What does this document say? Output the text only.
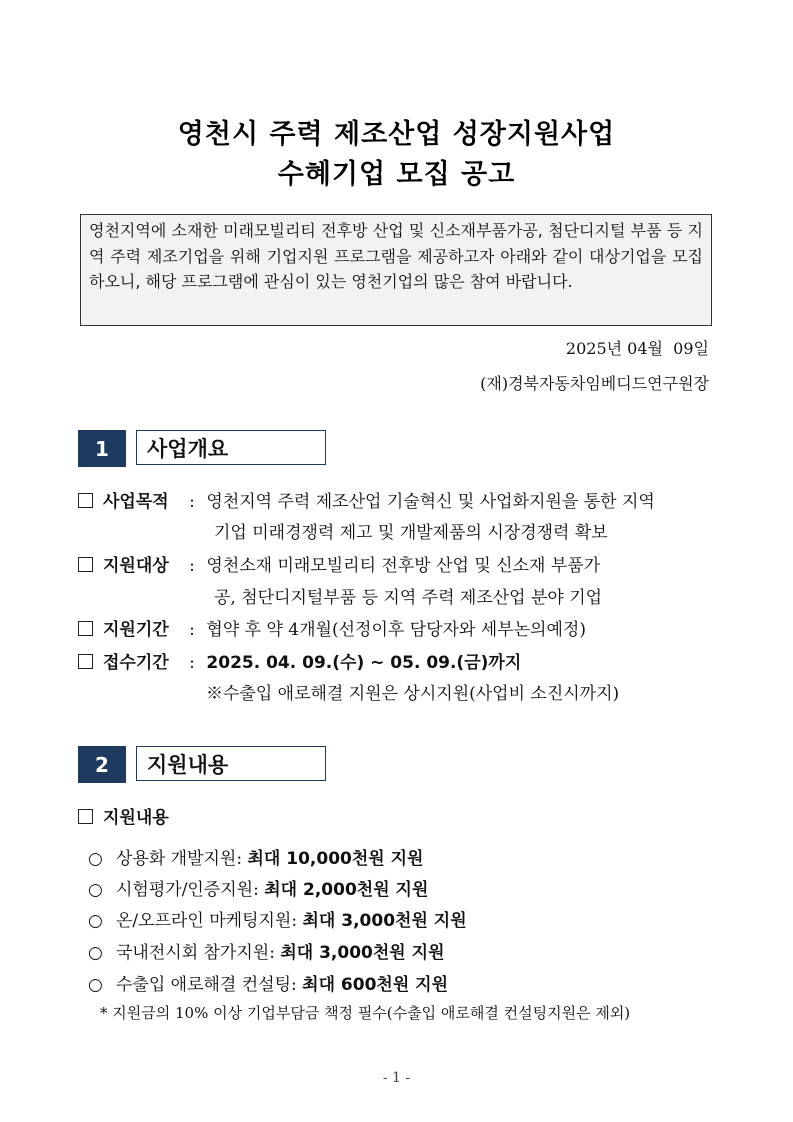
영천시 주력 제조산업 성장지원사업
수혜기업 모집 공고
영천지역에 소재한 미래모빌리티 전후방 산업 및 신소재부품가공, 첨단디지털 부품 등 지역 주력 제조기업을 위해 기업지원 프로그램을 제공하고자 아래와 같이 대상기업을 모집하오니, 해당 프로그램에 관심이 있는 영천기업의 많은 참여 바랍니다.
2025년 04월  09일
(재)경북자동차임베디드연구원장
1	사업개요
사업목적 : 영천지역 주력 제조산업 기술혁신 및 사업화지원을 통한 지역
기업 미래경쟁력 제고 및 개발제품의 시장경쟁력 확보
지원대상 : 영천소재 미래모빌리티 전후방 산업 및 신소재 부품가
공, 첨단디지털부품 등 지역 주력 제조산업 분야 기업
지원기간 : 협약 후 약 4개월(선정이후 담당자와 세부논의예정)
접수기간 : 2025. 04. 09.(수) ~ 05. 09.(금)까지
※수출입 애로해결 지원은 상시지원(사업비 소진시까지)
2	지원내용
지원내용
○ 상용화 개발지원: 최대 10,000천원 지원
○ 시험평가/인증지원: 최대 2,000천원 지원
○ 온/오프라인 마케팅지원: 최대 3,000천원 지원
○ 국내전시회 참가지원: 최대 3,000천원 지원
○ 수출입 애로해결 컨설팅: 최대 600천원 지원
* 지원금의 10% 이상 기업부담금 책정 필수(수출입 애로해결 컨설팅지원은 제외)
- 1 -
